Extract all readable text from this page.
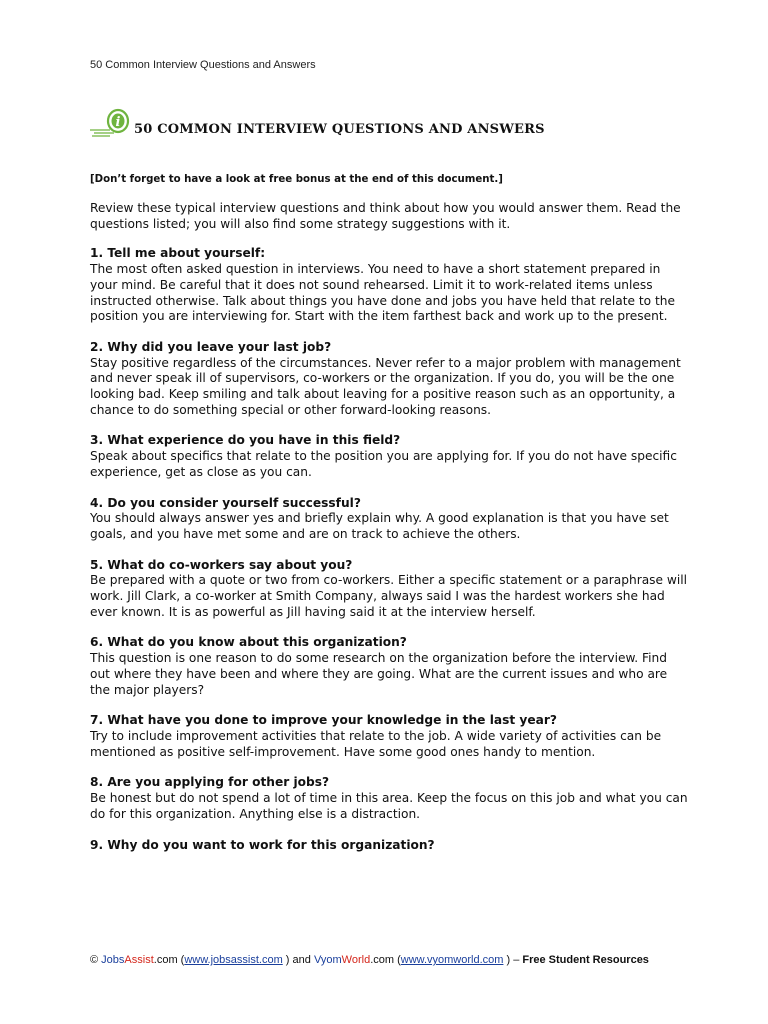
50 Common Interview Questions and Answers
i 50 COMMON INTERVIEW QUESTIONS AND ANSWERS
[Don’t forget to have a look at free bonus at the end of this document.]

Review these typical interview questions and think about how you would answer them. Read the questions listed; you will also find some strategy suggestions with it.

1. Tell me about yourself:

The most often asked question in interviews. You need to have a short statement prepared in your mind. Be careful that it does not sound rehearsed. Limit it to work-related items unless instructed otherwise. Talk about things you have done and jobs you have held that relate to the position you are interviewing for. Start with the item farthest back and work up to the present.

2. Why did you leave your last job?

Stay positive regardless of the circumstances. Never refer to a major problem with management and never speak ill of supervisors, co-workers or the organization. If you do, you will be the one looking bad. Keep smiling and talk about leaving for a positive reason such as an opportunity, a chance to do something special or other forward-looking reasons.

3. What experience do you have in this field?

Speak about specifics that relate to the position you are applying for. If you do not have specific experience, get as close as you can.

4. Do you consider yourself successful?

You should always answer yes and briefly explain why. A good explanation is that you have set goals, and you have met some and are on track to achieve the others.

5. What do co-workers say about you?

Be prepared with a quote or two from co-workers. Either a specific statement or a paraphrase will work. Jill Clark, a co-worker at Smith Company, always said I was the hardest workers she had ever known. It is as powerful as Jill having said it at the interview herself.

6. What do you know about this organization?

This question is one reason to do some research on the organization before the interview. Find out where they have been and where they are going. What are the current issues and who are the major players?

7. What have you done to improve your knowledge in the last year?

Try to include improvement activities that relate to the job. A wide variety of activities can be mentioned as positive self-improvement. Have some good ones handy to mention.

8. Are you applying for other jobs?

Be honest but do not spend a lot of time in this area. Keep the focus on this job and what you can do for this organization. Anything else is a distraction.

9. Why do you want to work for this organization?

© JobsAssist.com (www.jobsassist.com ) and VyomWorld.com (www.vyomworld.com ) – Free Student Resources
